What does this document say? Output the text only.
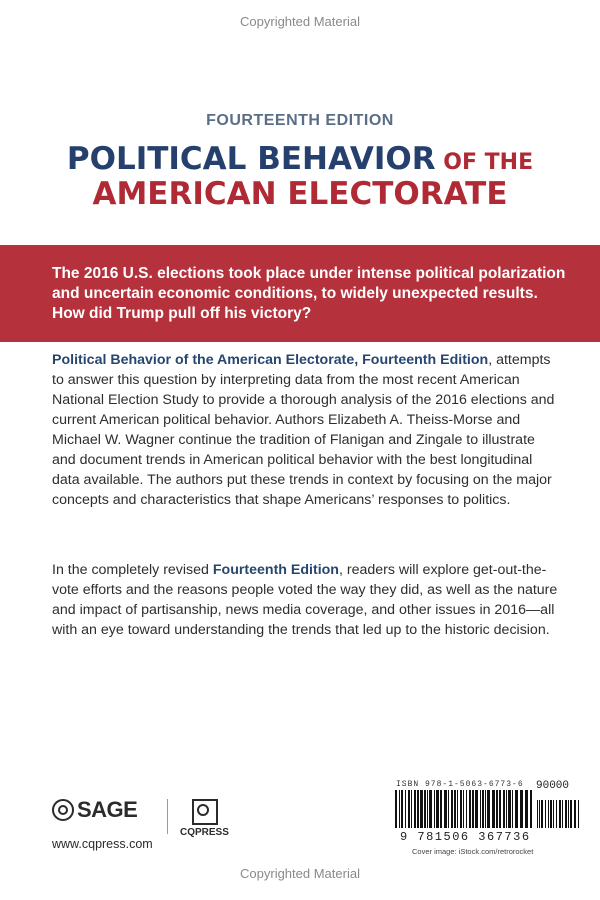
Copyrighted Material
FOURTEENTH EDITION
POLITICAL BEHAVIOR OF THE
AMERICAN ELECTORATE

The 2016 U.S. elections took place under intense political polarization and uncertain economic conditions, to widely unexpected results. How did Trump pull off his victory?

Political Behavior of the American Electorate, Fourteenth Edition, attempts to answer this question by interpreting data from the most recent American National Election Study to provide a thorough analysis of the 2016 elections and current American political behavior. Authors Elizabeth A. Theiss-Morse and Michael W. Wagner continue the tradition of Flanigan and Zingale to illustrate and document trends in American political behavior with the best longitudinal data available. The authors put these trends in context by focusing on the major concepts and characteristics that shape Americans’ responses to politics.

In the completely revised Fourteenth Edition, readers will explore get-out-the-vote efforts and the reasons people voted the way they did, as well as the nature and impact of partisanship, news media coverage, and other issues in 2016—all with an eye toward understanding the trends that led up to the historic decision.

SAGE
CQPRESS
www.cqpress.com
ISBN 978-1-5063-6773-6
9 781506 367736
90000
Cover image: iStock.com/retrorocket
Copyrighted Material
